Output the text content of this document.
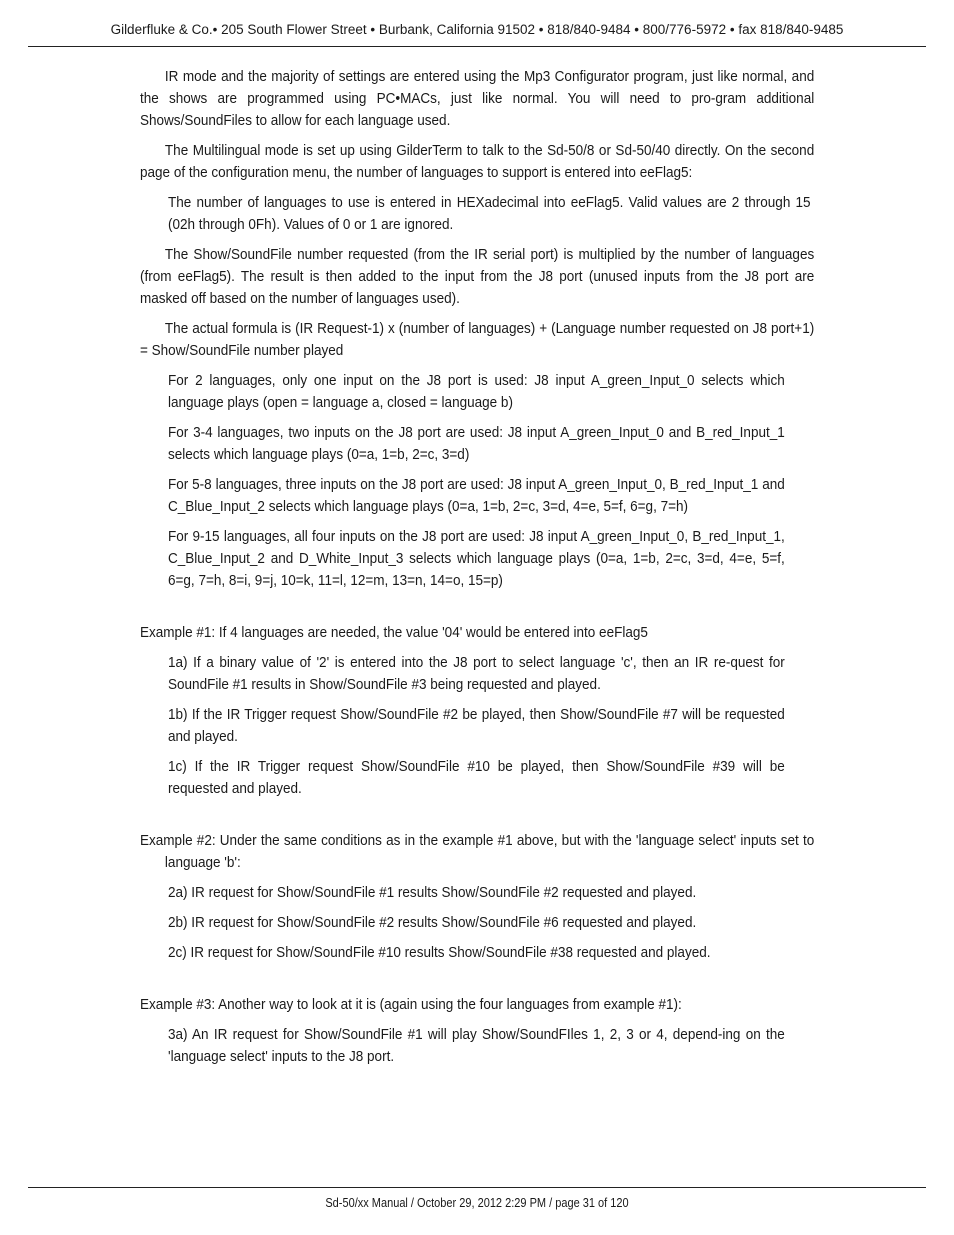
Gilderfluke & Co.• 205 South Flower Street • Burbank, California 91502 • 818/840-9484 • 800/776-5972 • fax 818/840-9485

IR mode and the majority of settings are entered using the Mp3 Configurator program, just like normal, and the shows are programmed using PC•MACs, just like normal. You will need to pro-gram additional Shows/SoundFiles to allow for each language used.

The Multilingual mode is set up using GilderTerm to talk to the Sd-50/8 or Sd-50/40 directly. On the second page of the configuration menu, the number of languages to support is entered into eeFlag5:

The number of languages to use is entered in HEXadecimal into eeFlag5. Valid values are 2 through 15 (02h through 0Fh). Values of 0 or 1 are ignored.

The Show/SoundFile number requested (from the IR serial port) is multiplied by the number of languages (from eeFlag5). The result is then added to the input from the J8 port (unused inputs from the J8 port are masked off based on the number of languages used).

The actual formula is (IR Request-1) x (number of languages) + (Language number requested on J8 port+1) = Show/SoundFile number played

For 2 languages, only one input on the J8 port is used: J8 input A_green_Input_0 selects which language plays (open = language a, closed = language b)

For 3-4 languages, two inputs on the J8 port are used: J8 input A_green_Input_0 and B_red_Input_1 selects which language plays (0=a, 1=b, 2=c, 3=d)

For 5-8 languages, three inputs on the J8 port are used: J8 input A_green_Input_0, B_red_Input_1 and C_Blue_Input_2 selects which language plays (0=a, 1=b, 2=c, 3=d, 4=e, 5=f, 6=g, 7=h)

For 9-15 languages, all four inputs on the J8 port are used: J8 input A_green_Input_0, B_red_Input_1, C_Blue_Input_2 and D_White_Input_3 selects which language plays (0=a, 1=b, 2=c, 3=d, 4=e, 5=f, 6=g, 7=h, 8=i, 9=j, 10=k, 11=l, 12=m, 13=n, 14=o, 15=p)

Example #1: If 4 languages are needed, the value '04' would be entered into eeFlag5

1a) If a binary value of '2' is entered into the J8 port to select language 'c', then an IR re-quest for SoundFile #1 results in Show/SoundFile #3 being requested and played.

1b) If the IR Trigger request Show/SoundFile #2 be played, then Show/SoundFile #7 will be requested and played.

1c) If the IR Trigger request Show/SoundFile #10 be played, then Show/SoundFile #39 will be requested and played.

Example #2: Under the same conditions as in the example #1 above, but with the 'language select' inputs set to language 'b':

2a) IR request for Show/SoundFile #1 results Show/SoundFile #2 requested and played.

2b) IR request for Show/SoundFile #2 results Show/SoundFile #6 requested and played.

2c) IR request for Show/SoundFile #10 results Show/SoundFile #38 requested and played.

Example #3: Another way to look at it is (again using the four languages from example #1):

3a) An IR request for Show/SoundFile #1 will play Show/SoundFIles 1, 2, 3 or 4, depend-ing on the 'language select' inputs to the J8 port.

Sd-50/xx Manual / October 29, 2012 2:29 PM / page 31 of 120
